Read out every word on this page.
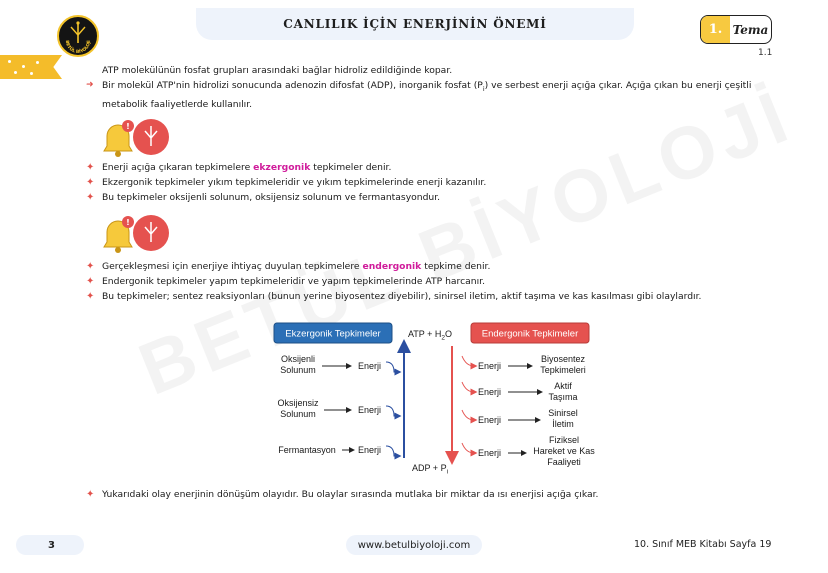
CANLILIK İÇİN ENERJİNİN ÖNEMİ
BETÜL BİYOLOJİ
1. Tema
1.1
ATP molekülünün fosfat grupları arasındaki bağlar hidroliz edildiğinde kopar.
➜ Bir molekül ATP'nin hidrolizi sonucunda adenozin difosfat (ADP), inorganik fosfat $(P_i)$ ve serbest enerji açığa çıkar. Açığa çıkan bu enerji çeşitli metabolik faaliyetlerde kullanılır.
!
✦ Enerji açığa çıkaran tepkimelere ekzergonik tepkimeler denir.
✦ Ekzergonik tepkimeler yıkım tepkimeleridir ve yıkım tepkimelerinde enerji kazanılır.
✦ Bu tepkimeler oksijenli solunum, oksijensiz solunum ve fermantasyondur.
!
✦ Gerçekleşmesi için enerjiye ihtiyaç duyulan tepkimelere endergonik tepkime denir.
✦ Endergonik tepkimeler yapım tepkimeleridir ve yapım tepkimelerinde ATP harcanır.
✦ Bu tepkimeler; sentez reaksiyonları (bunun yerine biyosentez diyebilir), sinirsel iletim, aktif taşıma ve kas kasılması gibi olaylardır.
Ekzergonik Tepkimeler	Endergonik Tepkimeler
ATP + $H_2O$
ADP + $P_i$
Oksijenli
Solunum	Enerji
Oksijensiz
Solunum	Enerji
Fermantasyon Enerji
Enerji
Biyosentez
Tepkimeleri
Enerji
Aktif
Taşıma
Enerji
Sinirsel
İletim
Enerji
Fiziksel
Hareket ve Kas
Faaliyeti
✦ Yukarıdaki olay enerjinin dönüşüm olayıdır. Bu olaylar sırasında mutlaka bir miktar da ısı enerjisi açığa çıkar.
3	www.betulbiyoloji.com	10. Sınıf MEB Kitabı Sayfa 19
